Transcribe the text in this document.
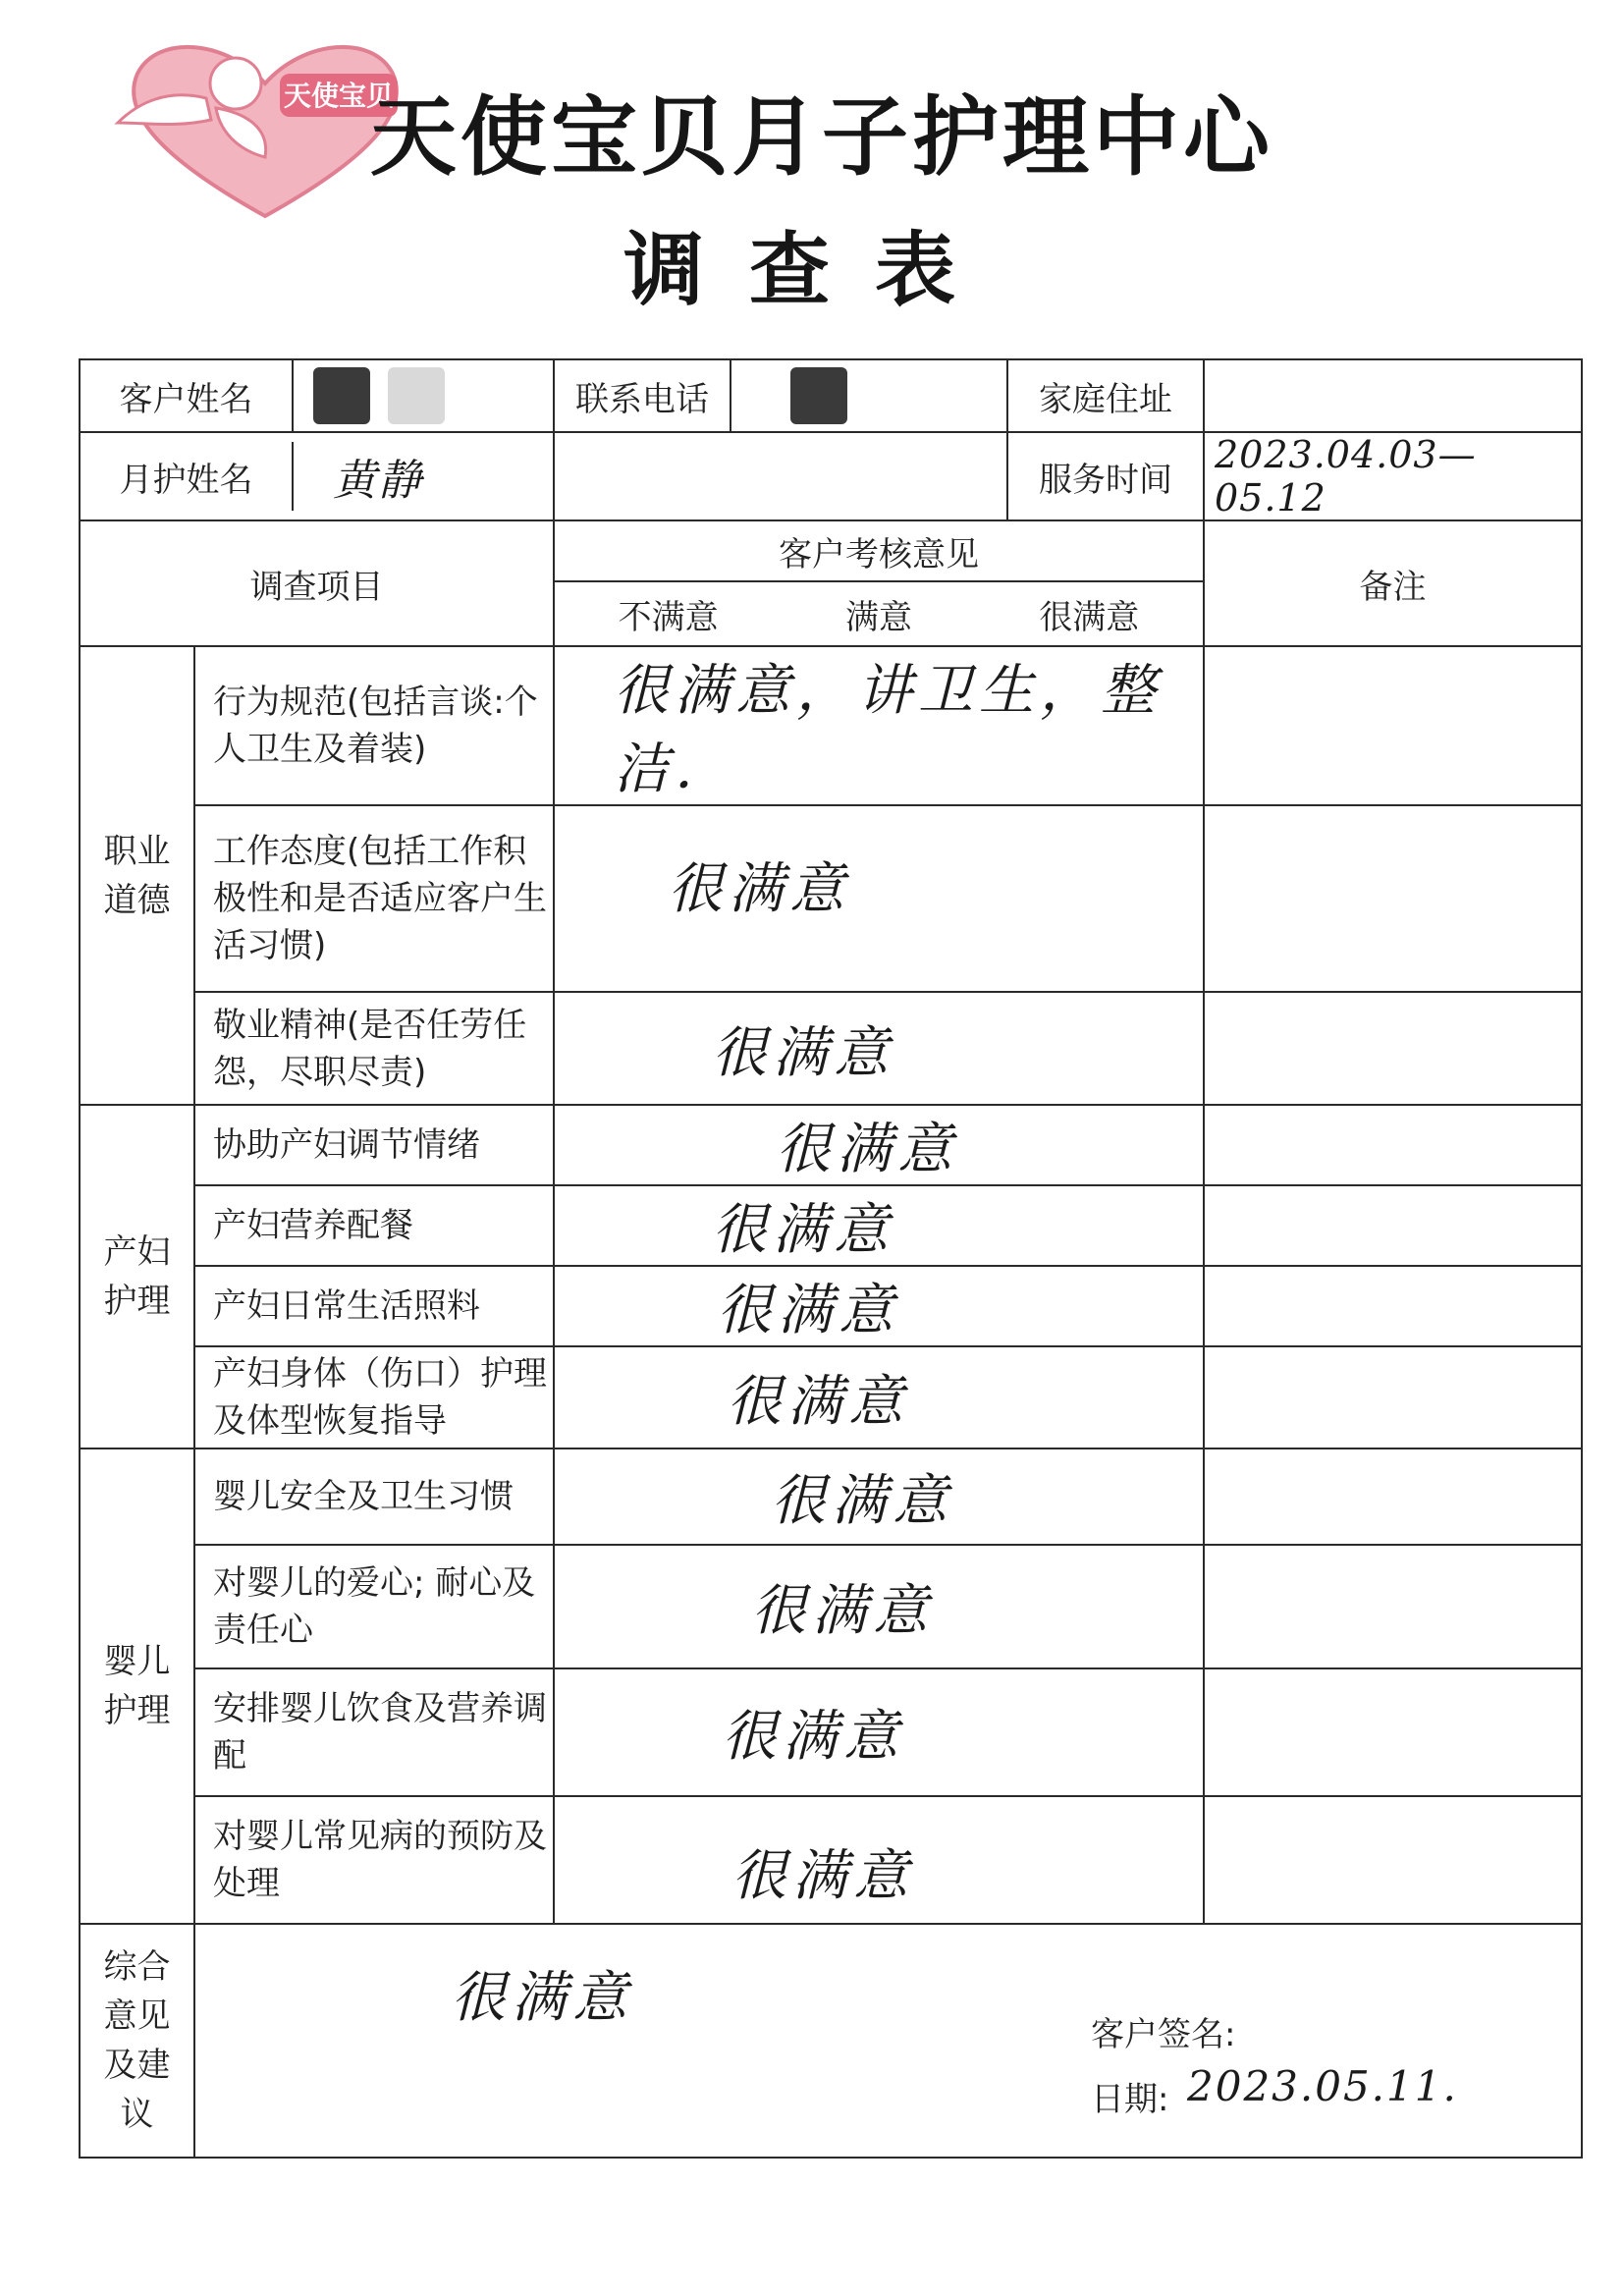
天使宝贝
天使宝贝月子护理中心
调查表
客户姓名		联系电话		家庭住址	

月护姓名 黄静				服务时间	2023.04.03—05.12
调查项目		客户考核意见			备注

		不满意 满意 很满意			

职业
道德	行为规范(包括言谈:个人卫生及着装)	很满意，讲卫生，整洁．			
	工作态度(包括工作积极性和是否适应客户生活习惯)	很满意			
	敬业精神(是否任劳任怨，尽职尽责)	很满意			
产妇
护理	协助产妇调节情绪	很满意			
	产妇营养配餐	很满意			
	产妇日常生活照料	很满意			
	产妇身体（伤口）护理及体型恢复指导	很满意			
婴儿
护理	婴儿安全及卫生习惯	很满意			
	对婴儿的爱心; 耐心及责任心	很满意			
	安排婴儿饮食及营养调配	很满意			
	对婴儿常见病的预防及处理	很满意			
综合
意见
及建
议	很满意
客户签名:
日期: 2023.05.11.				
